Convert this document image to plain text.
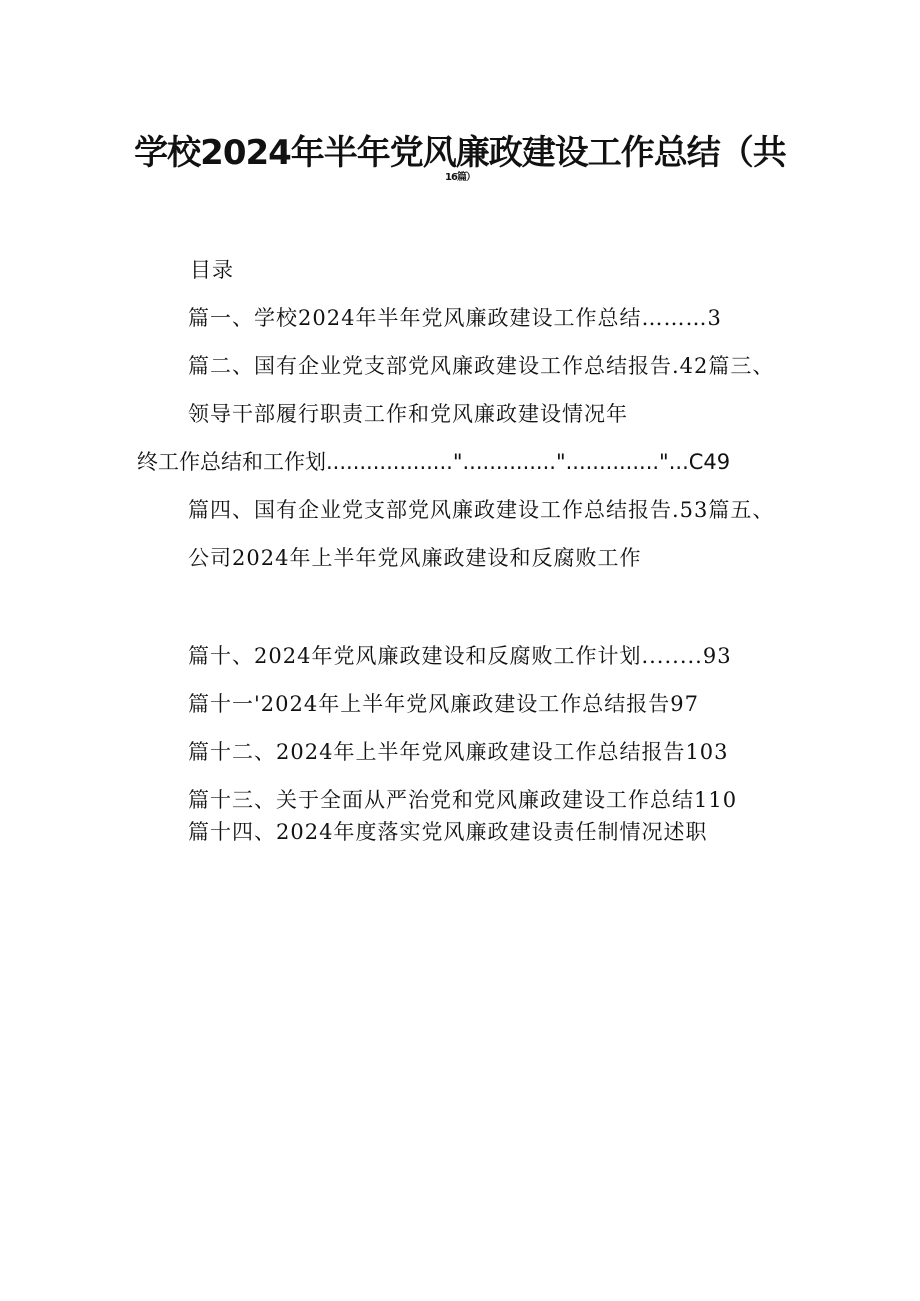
学校2024年半年党风廉政建设工作总结（共
16篇）
目录
篇一、学校2024年半年党风廉政建设工作总结………3
篇二、国有企业党支部党风廉政建设工作总结报告.42篇三、
领导干部履行职责工作和党风廉政建设情况年
终工作总结和工作划..................."..............".............."...C49
篇四、国有企业党支部党风廉政建设工作总结报告.53篇五、
公司2024年上半年党风廉政建设和反腐败工作
篇十、2024年党风廉政建设和反腐败工作计划........93
篇十一'2024年上半年党风廉政建设工作总结报告97
篇十二、2024年上半年党风廉政建设工作总结报告103
篇十三、关于全面从严治党和党风廉政建设工作总结110
篇十四、2024年度落实党风廉政建设责任制情况述职
